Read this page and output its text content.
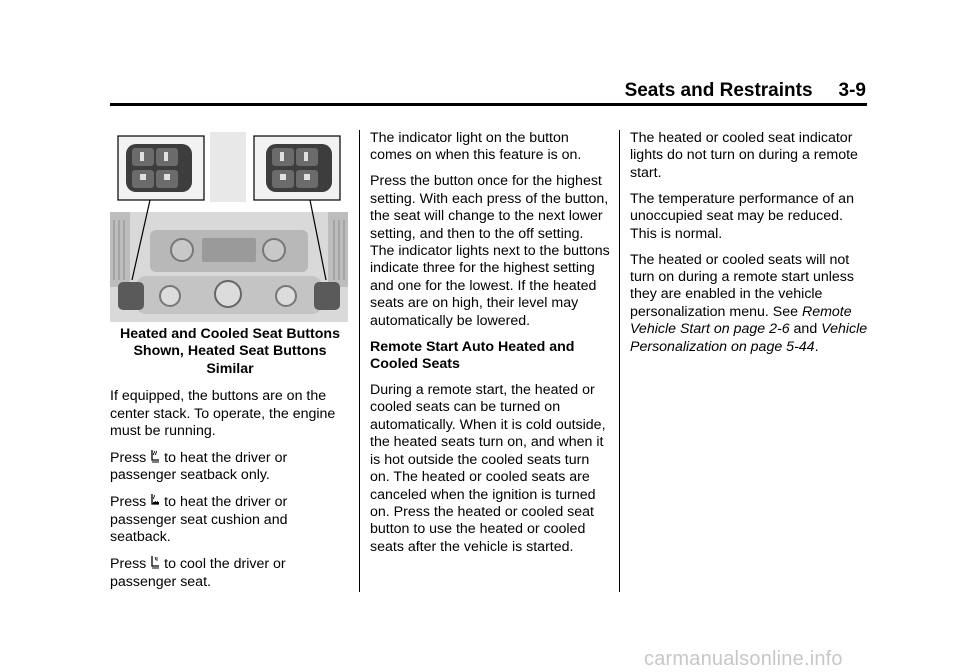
Seats and Restraints 3-9
Heated and Cooled Seat Buttons
Shown, Heated Seat Buttons
Similar

If equipped, the buttons are on the center stack. To operate, the engine must be running.

Press to heat the driver or passenger seatback only.

Press to heat the driver or passenger seat cushion and seatback.

Press to cool the driver or passenger seat.

The indicator light on the button comes on when this feature is on.

Press the button once for the highest setting. With each press of the button, the seat will change to the next lower setting, and then to the off setting. The indicator lights next to the buttons indicate three for the highest setting and one for the lowest. If the heated seats are on high, their level may automatically be lowered.

Remote Start Auto Heated and Cooled Seats

During a remote start, the heated or cooled seats can be turned on automatically. When it is cold outside, the heated seats turn on, and when it is hot outside the cooled seats turn on. The heated or cooled seats are canceled when the ignition is turned on. Press the heated or cooled seat button to use the heated or cooled seats after the vehicle is started.

The heated or cooled seat indicator lights do not turn on during a remote start.

The temperature performance of an unoccupied seat may be reduced. This is normal.

The heated or cooled seats will not turn on during a remote start unless they are enabled in the vehicle personalization menu. See Remote Vehicle Start on page 2-6 and Vehicle Personalization on page 5-44.

carmanualsonline.info
